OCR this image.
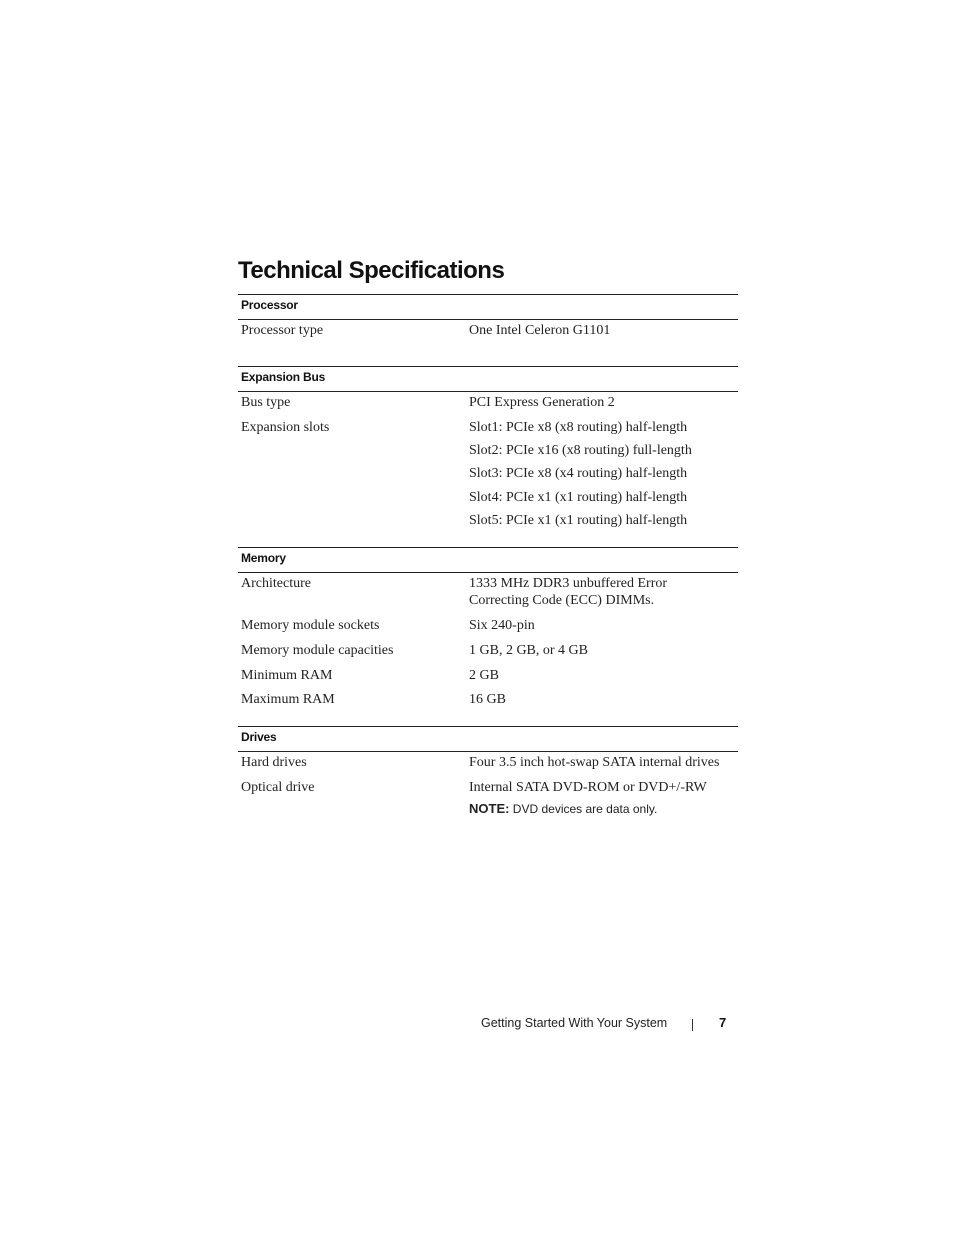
Technical Specifications
Processor
Processor type	One Intel Celeron G1101
Expansion Bus
Bus type	PCI Express Generation 2
Expansion slots	Slot1: PCIe x8 (x8 routing) half-length
Slot2: PCIe x16 (x8 routing) full-length
Slot3: PCIe x8 (x4 routing) half-length
Slot4: PCIe x1 (x1 routing) half-length
Slot5: PCIe x1 (x1 routing) half-length
Memory
Architecture	1333 MHz DDR3 unbuffered Error
Correcting Code (ECC) DIMMs.
Memory module sockets	Six 240-pin
Memory module capacities	1 GB, 2 GB, or 4 GB
Minimum RAM	2 GB
Maximum RAM	16 GB
Drives
Hard drives	Four 3.5 inch hot-swap SATA internal drives
Optical drive	Internal SATA DVD-ROM or DVD+/-RW
NOTE: DVD devices are data only.
Getting Started With Your System	7
